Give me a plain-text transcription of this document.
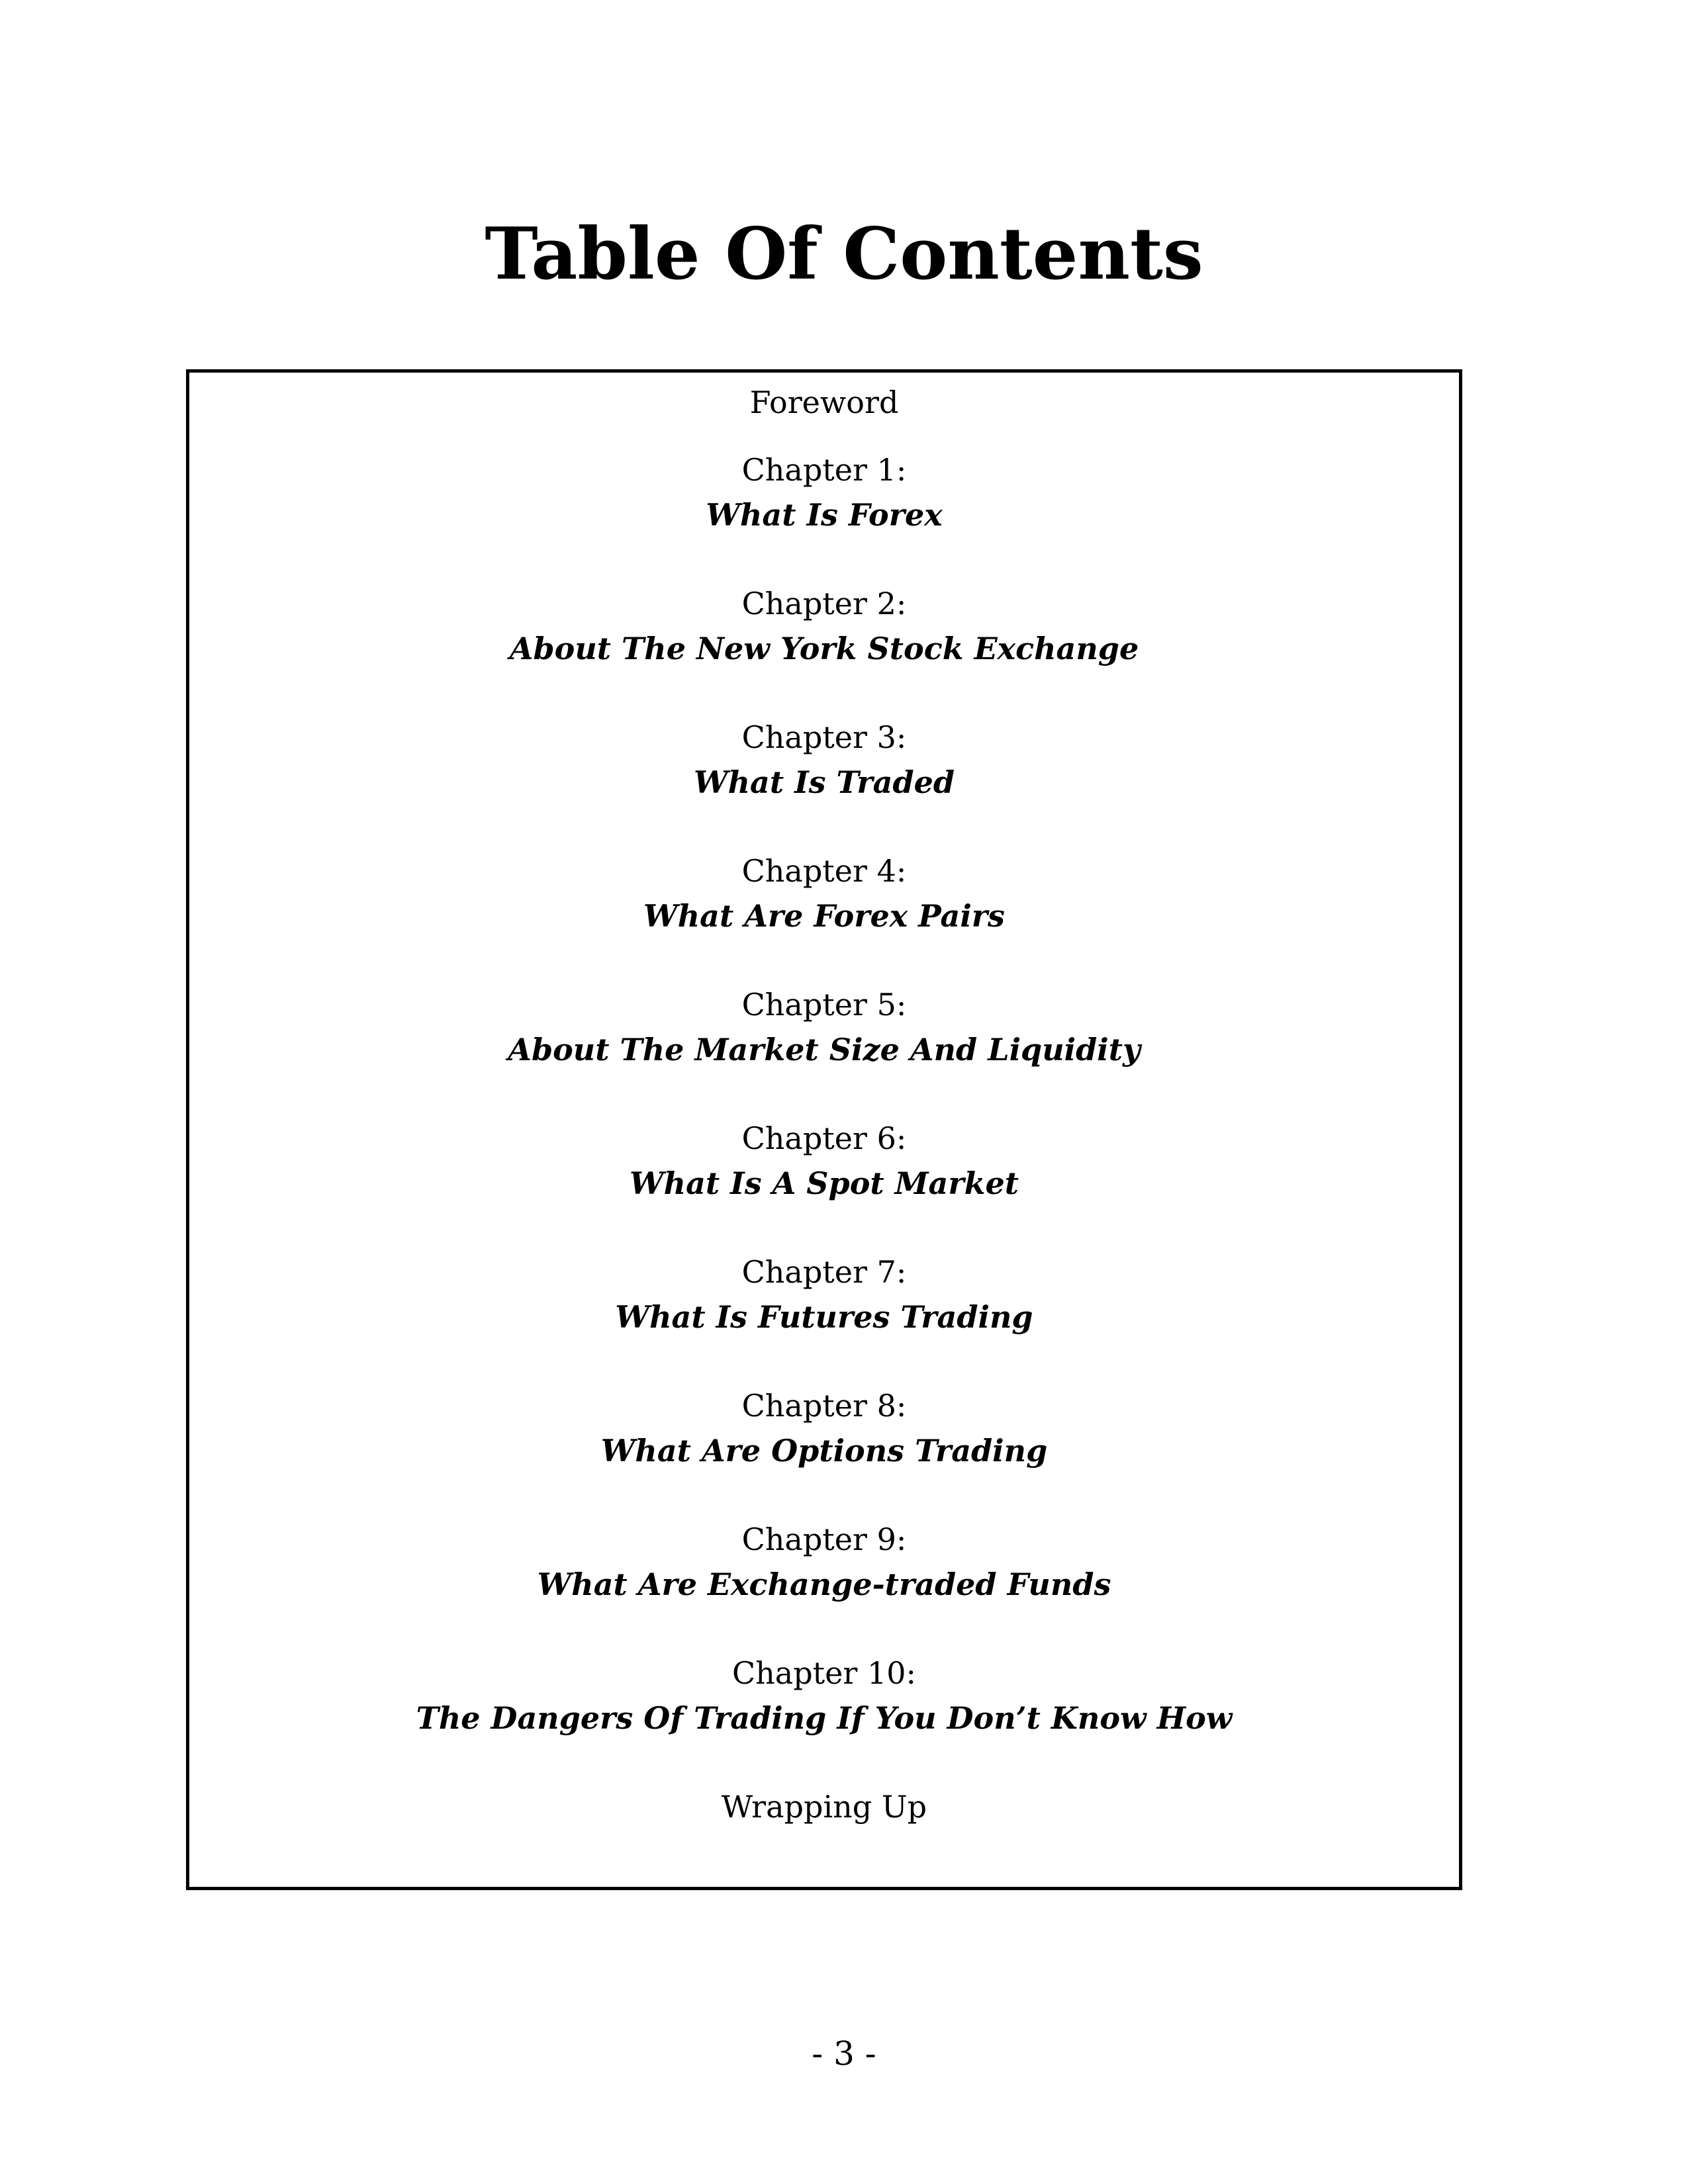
Table Of Contents
Foreword
Chapter 1:
What Is Forex
Chapter 2:
About The New York Stock Exchange
Chapter 3:
What Is Traded
Chapter 4:
What Are Forex Pairs
Chapter 5:
About The Market Size And Liquidity
Chapter 6:
What Is A Spot Market
Chapter 7:
What Is Futures Trading
Chapter 8:
What Are Options Trading
Chapter 9:
What Are Exchange-traded Funds
Chapter 10:
The Dangers Of Trading If You Don’t Know How
Wrapping Up
- 3 -
